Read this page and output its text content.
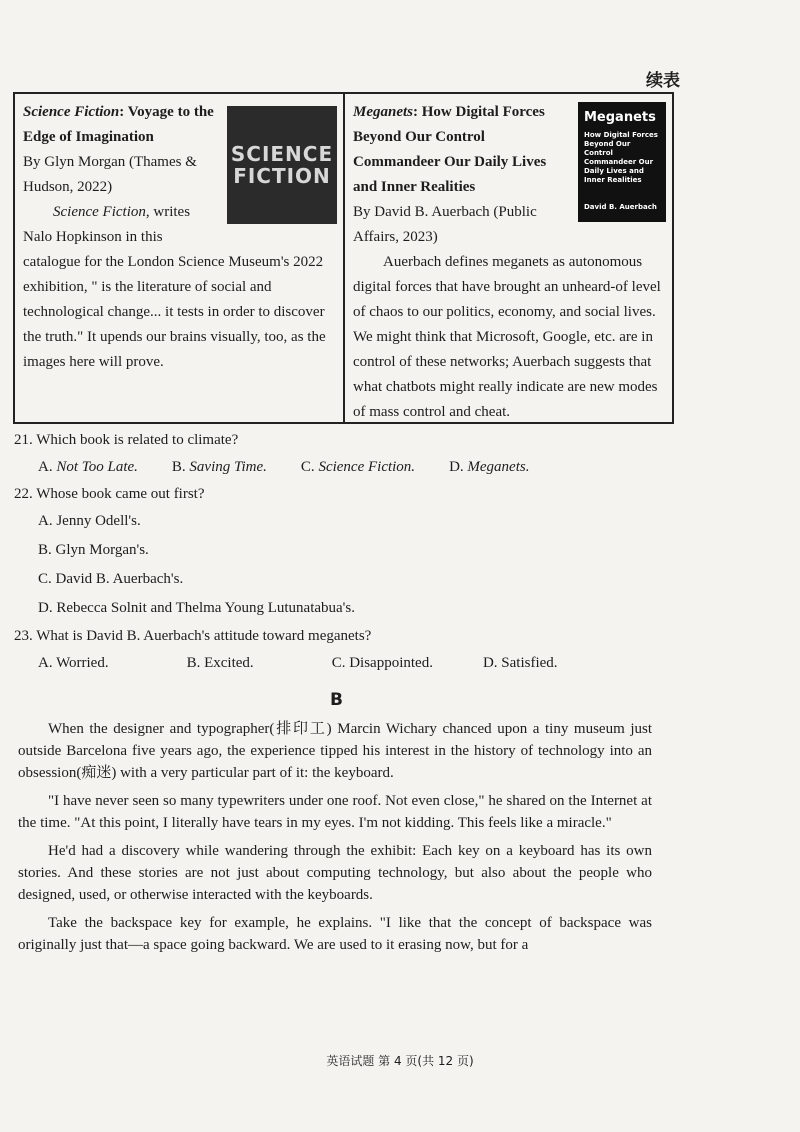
续表
SCIENCE
FICTION
Science Fiction: Voyage to the Edge of Imagination
By Glyn Morgan (Thames & Hudson, 2022)
Science Fiction, writes Nalo Hopkinson in this catalogue for the London Science Museum's 2022 exhibition, " is the literature of social and technological change... it tests in order to discover the truth." It upends our brains visually, too, as the images here will prove.
Meganets
How Digital Forces Beyond Our Control Commandeer Our Daily Lives and Inner Realities
David B. Auerbach
Meganets: How Digital Forces Beyond Our Control Commandeer Our Daily Lives and Inner Realities
By David B. Auerbach (Public Affairs, 2023)
Auerbach defines meganets as autonomous digital forces that have brought an unheard-of level of chaos to our politics, economy, and social lives. We might think that Microsoft, Google, etc. are in control of these networks; Auerbach suggests that what chatbots might really indicate are new modes of mass control and cheat.
21. Which book is related to climate?
A. Not Too Late. B. Saving Time. C. Science Fiction. D. Meganets.
22. Whose book came out first?
A. Jenny Odell's.
B. Glyn Morgan's.
C. David B. Auerbach's.
D. Rebecca Solnit and Thelma Young Lutunatabua's.
23. What is David B. Auerbach's attitude toward meganets?
A. Worried.	B. Excited.	C. Disappointed.	D. Satisfied.
B

When the designer and typographer(排印工) Marcin Wichary chanced upon a tiny museum just outside Barcelona five years ago, the experience tipped his interest in the history of technology into an obsession(痴迷) with a very particular part of it: the keyboard.

"I have never seen so many typewriters under one roof. Not even close," he shared on the Internet at the time. "At this point, I literally have tears in my eyes. I'm not kidding. This feels like a miracle."

He'd had a discovery while wandering through the exhibit: Each key on a keyboard has its own stories. And these stories are not just about computing technology, but also about the people who designed, used, or otherwise interacted with the keyboards.

Take the backspace key for example, he explains. "I like that the concept of backspace was originally just that—a space going backward. We are used to it erasing now, but for a

英语试题 第 4 页(共 12 页)
